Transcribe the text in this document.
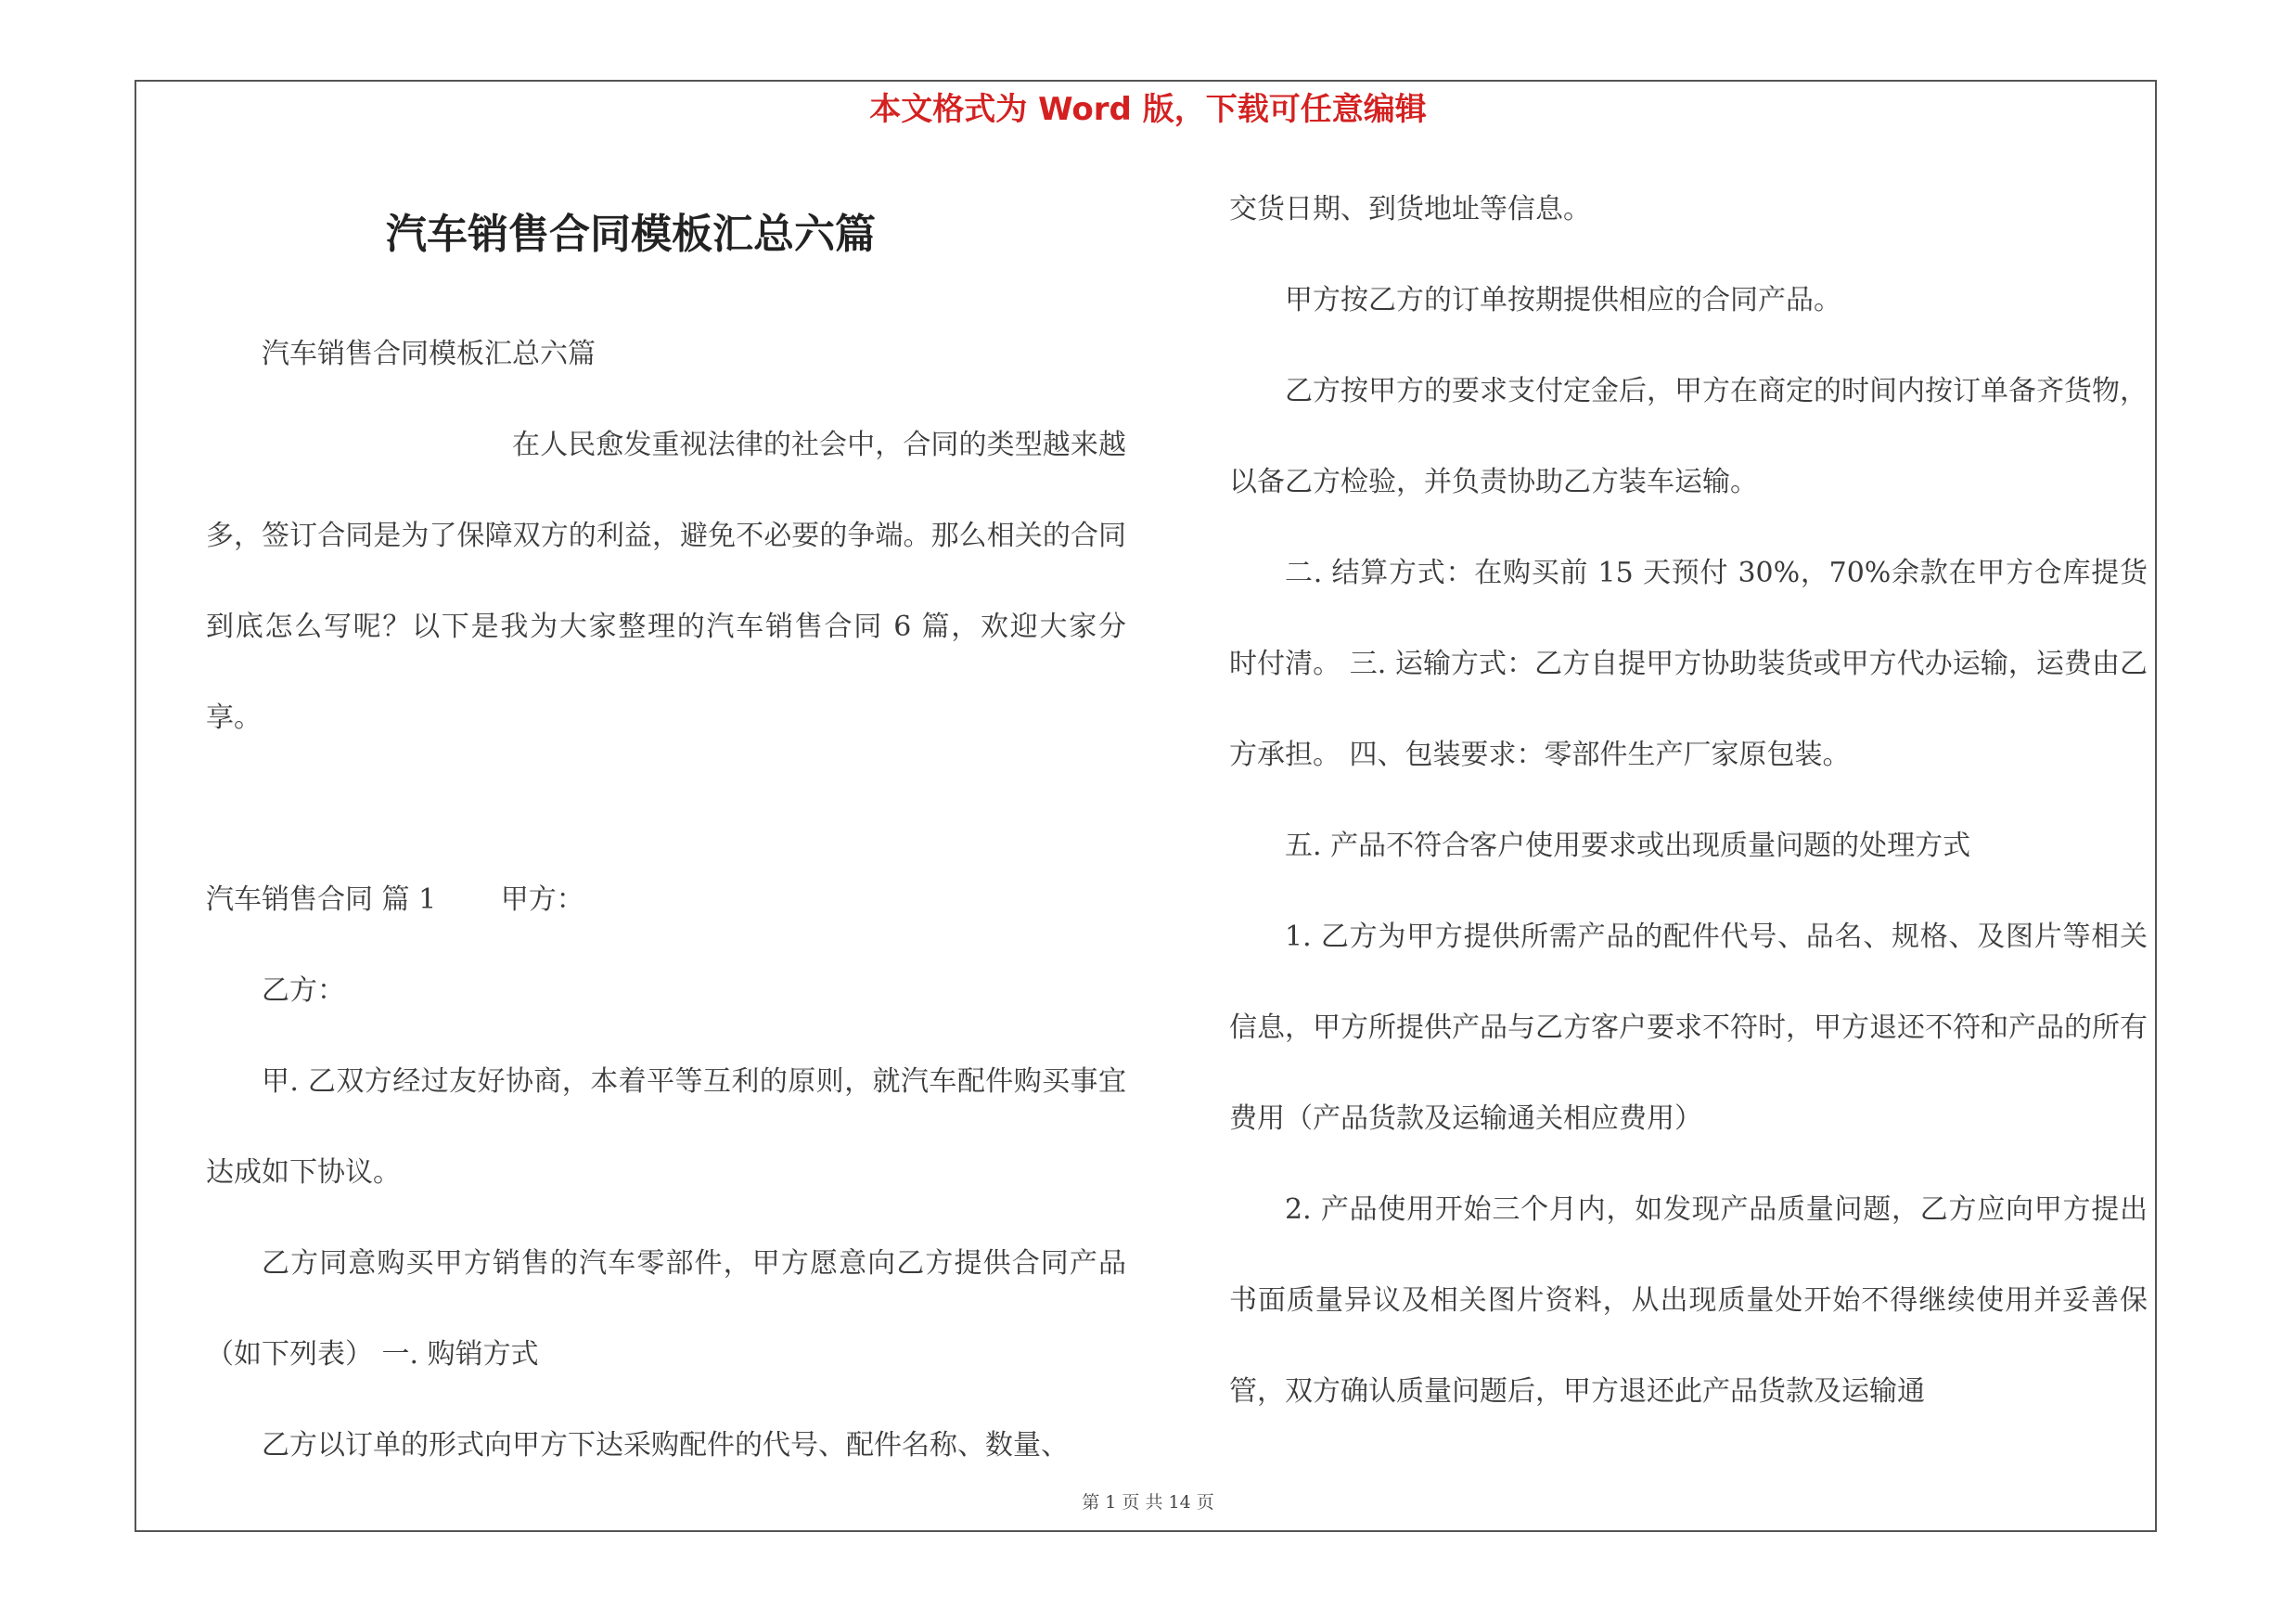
本文格式为 Word 版，下载可任意编辑
汽车销售合同模板汇总六篇

汽车销售合同模板汇总六篇

在人民愈发重视法律的社会中，合同的类型越来越多，签订合同是为了保障双方的利益，避免不必要的争端。那么相关的合同到底怎么写呢？以下是我为大家整理的汽车销售合同 6 篇，欢迎大家分享。

汽车销售合同 篇 1　　 甲方：

乙方：

甲. 乙双方经过友好协商，本着平等互利的原则，就汽车配件购买事宜达成如下协议。

乙方同意购买甲方销售的汽车零部件，甲方愿意向乙方提供合同产品（如下列表） 一. 购销方式

乙方以订单的形式向甲方下达采购配件的代号、配件名称、数量、

交货日期、到货地址等信息。

甲方按乙方的订单按期提供相应的合同产品。

乙方按甲方的要求支付定金后，甲方在商定的时间内按订单备齐货物，以备乙方检验，并负责协助乙方装车运输。

二. 结算方式：在购买前 15 天预付 30%，70%余款在甲方仓库提货时付清。 三. 运输方式：乙方自提甲方协助装货或甲方代办运输，运费由乙方承担。 四、包装要求：零部件生产厂家原包装。

五. 产品不符合客户使用要求或出现质量问题的处理方式

1. 乙方为甲方提供所需产品的配件代号、品名、规格、及图片等相关信息，甲方所提供产品与乙方客户要求不符时，甲方退还不符和产品的所有费用（产品货款及运输通关相应费用）

2. 产品使用开始三个月内，如发现产品质量问题，乙方应向甲方提出书面质量异议及相关图片资料，从出现质量处开始不得继续使用并妥善保管，双方确认质量问题后，甲方退还此产品货款及运输通

第 1 页 共 14 页
